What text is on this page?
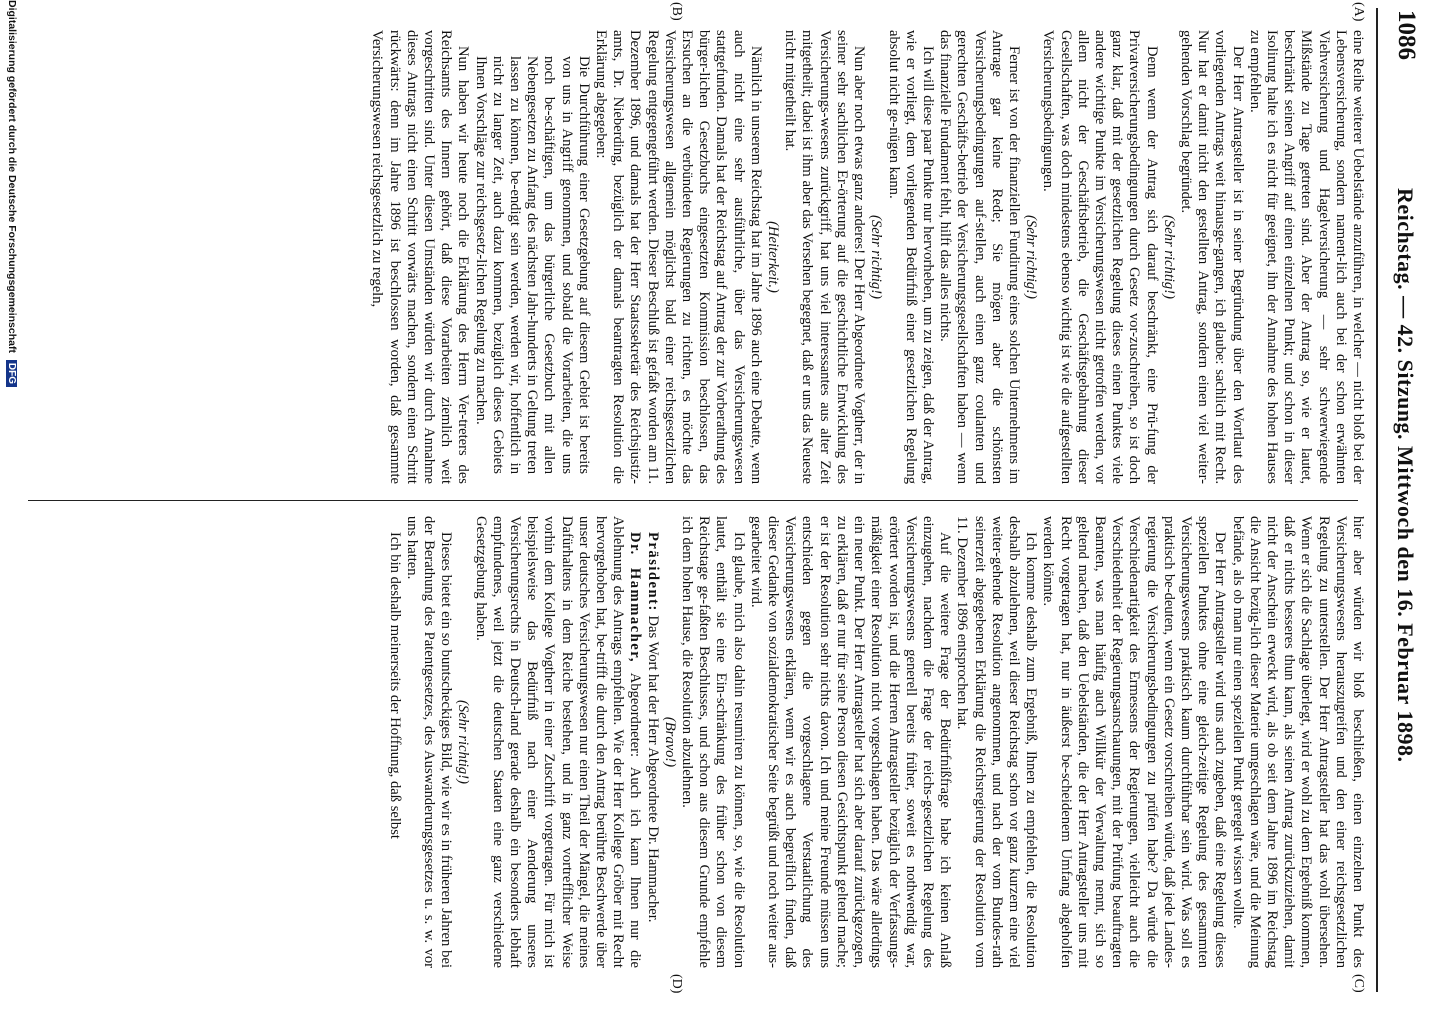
1086
Reichstag. — 42. Sitzung. Mittwoch den 16. Februar 1898.
(A)
(B)
(C)
(D)

eine Reihe weiterer Uebelstände anzuführen, in welcher — nicht bloß bei der Lebensversicherung, sondern nament-lich auch bei der schon erwähnten Viehversicherung und Hagelversicherung — sehr schwerwiegende Mißstände zu Tage getreten sind. Aber der Antrag so, wie er lautet, beschränkt seinen Angriff auf einen einzelnen Punkt; und schon in dieser Isolirung halte ich es nicht für geeignet, ihn der Annahme des hohen Hauses zu empfehlen.

Der Herr Antragsteller ist in seiner Begründung über den Wortlaut des vorliegenden Antrags weit hinausge-gangen, ich glaube: sachlich mit Recht. Nur hat er damit nicht den gestellten Antrag, sondern einen viel weiter-gehenden Vorschlag begründet.

(Sehr richtig!)

Denn wenn der Antrag sich darauf beschränkt, eine Prü-fung der Privatversicherungsbedingungen durch Gesetz vor-zuschreiben, so ist doch ganz klar, daß mit der gesetzlichen Regelung dieses einen Punktes viele andere wichtige Punkte im Versicherungswesen nicht getroffen werden, vor allem nicht der Geschäftsbetrieb, die Geschäftsgebahrung dieser Gesellschaften, was doch mindestens ebenso wichtig ist wie die aufgestellten Versicherungsbedingungen.

(Sehr richtig!)

Ferner ist von der finanziellen Fundirung eines solchen Unternehmens im Antrage gar keine Rede; Sie mögen aber die schönsten Versicherungsbedingungen auf-stellen, auch einen ganz coulanten und gerechten Geschäfts-betrieb der Versicherungsgesellschaften haben — wenn das finanzielle Fundament fehlt, hilft das alles nichts.

Ich will diese paar Punkte nur hervorheben, um zu zeigen, daß der Antrag, wie er vorliegt, dem vorliegenden Bedürfniß einer gesetzlichen Regelung absolut nicht ge-nügen kann.

(Sehr richtig!)

Nun aber noch etwas ganz anderes! Der Herr Abgeordnete Vogtherr, der in seiner sehr sachlichen Er-örterung auf die geschichtliche Entwicklung des Versicherungs-wesens zurückgriff, hat uns viel interessantes aus alter Zeit mitgetheilt; dabei ist ihm aber das Versehen begegnet, daß er uns das Neueste nicht mitgetheilt hat.

(Heiterkeit.)

Nämlich in unserem Reichstag hat im Jahre 1896 auch eine Debatte, wenn auch nicht eine sehr ausführliche, über das Versicherungswesen stattgefunden. Damals hat der Reichstag auf Antrag der zur Vorberathung des bürger-lichen Gesetzbuchs eingesetzten Kommission beschlossen, das Ersuchen an die verbündeten Regierungen zu richten, es möchte das Versicherungswesen allgemein möglichst bald einer reichsgesetzlichen Regelung entgegengeführt werden. Dieser Beschluß ist gefaßt worden am 11. Dezember 1896, und damals hat der Herr Staatssekretär des Reichsjustiz-amts, Dr. Nieberding, bezüglich der damals beantragten Resolution die Erklärung abgegeben:

Die Durchführung einer Gesetzgebung auf diesem Gebiet ist bereits von uns in Angriff genommen, und sobald die Vorarbeiten, die uns noch be-schäftigen, um das bürgerliche Gesetzbuch mit allen Nebengesetzen zu Anfang des nächsten Jahr-hunderts in Geltung treten lassen zu können, be-endigt sein werden, werden wir, hoffentlich in nicht zu langer Zeit, auch dazu kommen, bezüglich dieses Gebiets Ihnen Vorschläge zur reichsgesetz-lichen Regelung zu machen.

Nun haben wir heute noch die Erklärung des Herrn Ver-treters des Reichsamts des Innern gehört, daß diese Vorarbeiten ziemlich weit vorgeschritten sind. Unter diesen Umständen würden wir durch Annahme dieses Antrags nicht einen Schritt vorwärts machen, sondern einen Schritt rückwärts: denn im Jahre 1896 ist beschlossen worden, daß gesammte Versicherungswesen reichsgesetzlich zu regeln,

hier aber würden wir bloß beschließen, einen einzelnen Punkt des Versicherungswesens herauszugreifen und den einer reichsgesetzlichen Regelung zu unterstellen. Der Herr Antragsteller hat das wohl übersehen. Wenn er sich die Sachlage überlegt, wird er wohl zu dem Ergebniß kommen, daß er nichts besseres thun kann, als seinen Antrag zurückzuziehen, damit nicht der Anschein erweckt wird, als ob seit dem Jahre 1896 im Reichstag die Ansicht bezüg-lich dieser Materie umgeschlagen wäre, und die Meinung befände, als ob man nur einen speziellen Punkt geregelt wissen wollte.

Der Herr Antragsteller wird uns auch zugeben, daß eine Regelung dieses speziellen Punktes ohne eine gleich-zeitige Regelung des gesammten Versicherungswesens praktisch kaum durchführbar sein wird. Was soll es praktisch be-deuten, wenn ein Gesetz vorschreiben würde, daß jede Landes-regierung die Versicherungsbedingungen zu prüfen habe? Da würde die Verschiedenartigkeit des Ermessens der Regierungen, vielleicht auch die Verschiedenheit der Regierungsanschauungen, mit der Prüfung beauftragten Beamten, was man häufig auch Willkür der Verwaltung nennt, sich so geltend machen, daß den Uebelständen, die der Herr Antragsteller uns mit Recht vorgetragen hat, nur in äußerst be-scheidenem Umfang abgeholfen werden könnte.

Ich komme deshalb zum Ergebniß, Ihnen zu empfehlen, die Resolution deshalb abzulehnen, weil dieser Reichstag schon vor ganz kurzem eine viel weiter-gehende Resolution angenommen, und nach der vom Bundes-rath seinerzeit abgegebenen Erklärung die Reichsregierung der Resolution vom 11. Dezember 1896 entsprochen hat.

Auf die weitere Frage der Bedürfnißfrage habe ich keinen Anlaß einzugehen, nachdem die Frage der reichs-gesetzlichen Regelung des Versicherungswesens generell bereits früher, soweit es nothwendig war, erörtert worden ist, und die Herren Antragsteller bezüglich der Verfassungs-mäßigkeit einer Resolution nicht vorgeschlagen haben. Das wäre allerdings ein neuer Punkt. Der Herr Antragsteller hat sich aber darauf zurückgezogen, zu erklären, daß er nur für seine Person diesen Gesichtspunkt geltend mache; er ist der Resolution sehr nichts davon. Ich und meine Freunde müssen uns entschieden gegen die vorgeschlagene Verstaatlichung des Versicherungswesens erklären, wenn wir es auch begreiflich finden, daß dieser Gedanke von sozialdemokratischer Seite begrüßt und noch weiter aus-gearbeitet wird.

Ich glaube, mich also dahin resumiren zu können, so, wie die Resolution lautet, enthält sie eine Ein-schränkung des früher schon von diesem Reichstage ge-faßten Beschlusses, und schon aus diesem Grunde empfehle ich dem hohen Hause, die Resolution abzulehnen.

(Bravo!)

Präsident: Das Wort hat der Herr Abgeordnete Dr. Hammacher.

Dr. Hammacher, Abgeordneter: Auch ich kann Ihnen nur die Ablehnung des Antrags empfehlen. Wie der Herr Kollege Gröber mit Recht hervorgehoben hat, be-trifft die durch den Antrag berührte Beschwerde über unser deutsches Versicherungswesen nur einen Theil der Mängel, die meines Dafürhaltens in dem Reiche bestehen, und in ganz vortrefflicher Weise vorhin dem Kollege Vogtherr in einer Zuschrift vorgetragen. Für mich ist beispielsweise das Bedürfniß nach einer Aenderung unseres Versicherungsrechts in Deutsch-land gerade deshalb ein besonders lebhaft empfundenes, weil jetzt die deutschen Staaten eine ganz verschiedene Gesetzgebung haben.

(Sehr richtig!)

Dieses bietet ein so buntscheckiges Bild, wie wir es in früheren Jahren bei der Berathung des Patentgesetzes, des Auswanderungsgesetzes u. s. w. vor uns hatten.

Ich bin deshalb meinerseits der Hoffnung, daß selbst

Digitalisierung gefördert durch die Deutsche Forschungsgemeinschaft DFG
